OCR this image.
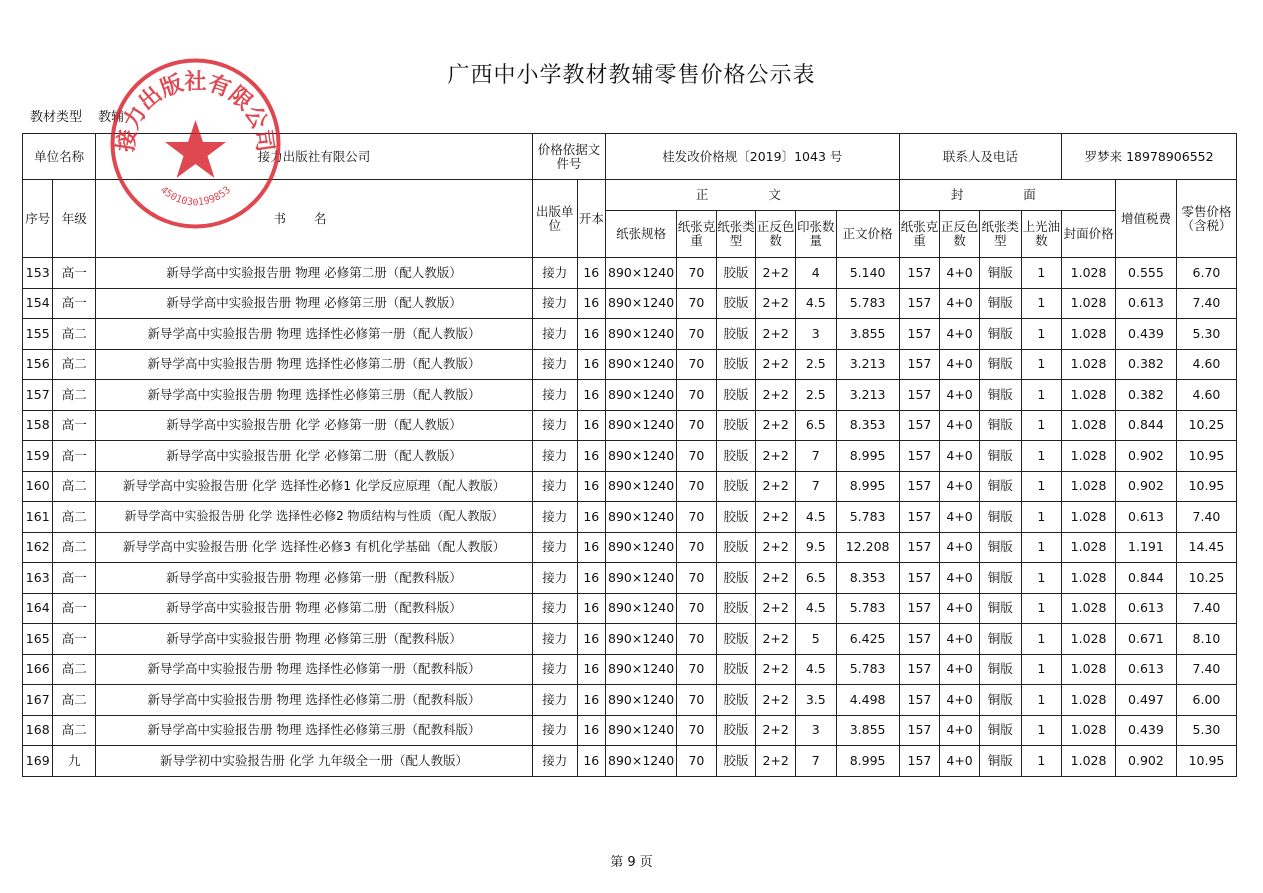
广西中小学教材教辅零售价格公示表
教材类型 教辅
单位名称		接力出版社有限公司	价格依据文件号		桂发改价格规〔2019〕1043 号						联系人及电话				罗梦来 18978906552		
序号	年级	书名	出版单位	开本	正 文						封 面					增值税费	零售价格（含税）
					纸张规格	纸张克重	纸张类型	正反色数	印张数量	正文价格	纸张克重	正反色数	纸张类型	上光油数	封面价格		
153	高一	新导学高中实验报告册 物理 必修第二册（配人教版）	接力	16	890×1240	70	胶版	2+2	4	5.140	157	4+0	铜版	1	1.028	0.555	6.70
154	高一	新导学高中实验报告册 物理 必修第三册（配人教版）	接力	16	890×1240	70	胶版	2+2	4.5	5.783	157	4+0	铜版	1	1.028	0.613	7.40
155	高二	新导学高中实验报告册 物理 选择性必修第一册（配人教版）	接力	16	890×1240	70	胶版	2+2	3	3.855	157	4+0	铜版	1	1.028	0.439	5.30
156	高二	新导学高中实验报告册 物理 选择性必修第二册（配人教版）	接力	16	890×1240	70	胶版	2+2	2.5	3.213	157	4+0	铜版	1	1.028	0.382	4.60
157	高二	新导学高中实验报告册 物理 选择性必修第三册（配人教版）	接力	16	890×1240	70	胶版	2+2	2.5	3.213	157	4+0	铜版	1	1.028	0.382	4.60
158	高一	新导学高中实验报告册 化学 必修第一册（配人教版）	接力	16	890×1240	70	胶版	2+2	6.5	8.353	157	4+0	铜版	1	1.028	0.844	10.25
159	高一	新导学高中实验报告册 化学 必修第二册（配人教版）	接力	16	890×1240	70	胶版	2+2	7	8.995	157	4+0	铜版	1	1.028	0.902	10.95
160	高二	新导学高中实验报告册 化学 选择性必修1 化学反应原理（配人教版）	接力	16	890×1240	70	胶版	2+2	7	8.995	157	4+0	铜版	1	1.028	0.902	10.95
161	高二	新导学高中实验报告册 化学 选择性必修2 物质结构与性质（配人教版）	接力	16	890×1240	70	胶版	2+2	4.5	5.783	157	4+0	铜版	1	1.028	0.613	7.40
162	高二	新导学高中实验报告册 化学 选择性必修3 有机化学基础（配人教版）	接力	16	890×1240	70	胶版	2+2	9.5	12.208	157	4+0	铜版	1	1.028	1.191	14.45
163	高一	新导学高中实验报告册 物理 必修第一册（配教科版）	接力	16	890×1240	70	胶版	2+2	6.5	8.353	157	4+0	铜版	1	1.028	0.844	10.25
164	高一	新导学高中实验报告册 物理 必修第二册（配教科版）	接力	16	890×1240	70	胶版	2+2	4.5	5.783	157	4+0	铜版	1	1.028	0.613	7.40
165	高一	新导学高中实验报告册 物理 必修第三册（配教科版）	接力	16	890×1240	70	胶版	2+2	5	6.425	157	4+0	铜版	1	1.028	0.671	8.10
166	高二	新导学高中实验报告册 物理 选择性必修第一册（配教科版）	接力	16	890×1240	70	胶版	2+2	4.5	5.783	157	4+0	铜版	1	1.028	0.613	7.40
167	高二	新导学高中实验报告册 物理 选择性必修第二册（配教科版）	接力	16	890×1240	70	胶版	2+2	3.5	4.498	157	4+0	铜版	1	1.028	0.497	6.00
168	高二	新导学高中实验报告册 物理 选择性必修第三册（配教科版）	接力	16	890×1240	70	胶版	2+2	3	3.855	157	4+0	铜版	1	1.028	0.439	5.30
169	九	新导学初中实验报告册 化学 九年级全一册（配人教版）	接力	16	890×1240	70	胶版	2+2	7	8.995	157	4+0	铜版	1	1.028	0.902	10.95
接力出版社有限公司
4501030199853
第 9 页
